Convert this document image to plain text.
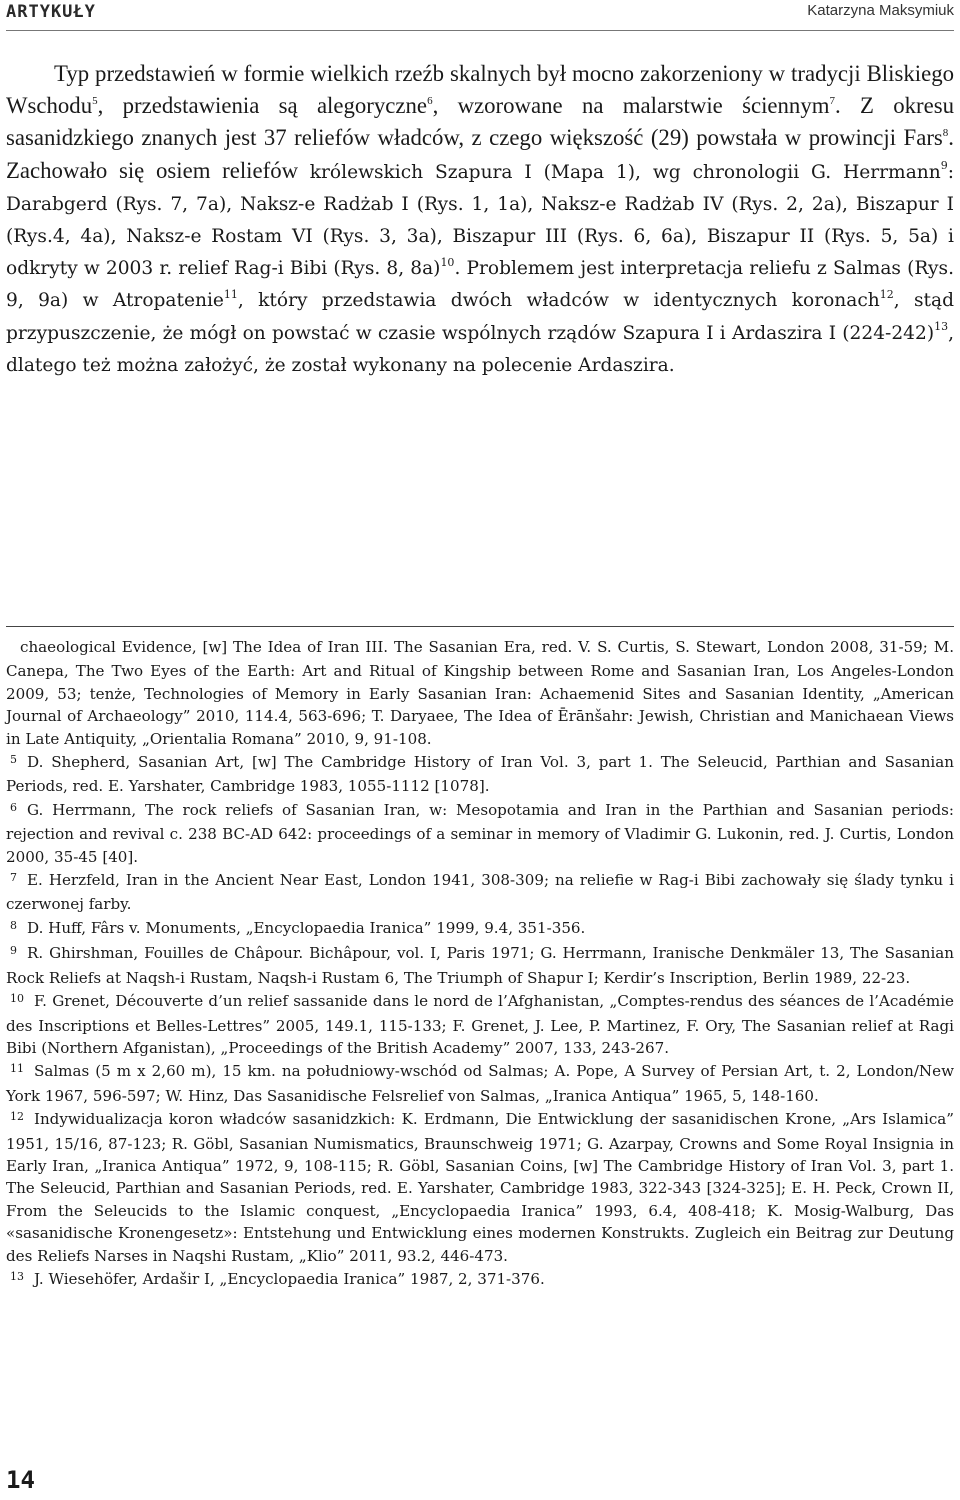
ARTYKUŁY	Katarzyna Maksymiuk

Typ przedstawień w formie wielkich rzeźb skalnych był mocno zakorzeniony w tradycji Bliskiego Wschodu$^5$, przedstawienia są alegoryczne$^6$, wzorowane na malarstwie ściennym$^7$. Z okresu sasanidzkiego znanych jest 37 reliefów władców, z czego większość (29) powstała w prowincji Fars$^8$. Zachowało się osiem reliefów królewskich Szapura I (Mapa 1), wg chronologii G. Herrmann$^9$: Darabgerd (Rys. 7, 7a), Naksz-e Radżab I (Rys. 1, 1a), Naksz-e Radżab IV (Rys. 2, 2a), Biszapur I (Rys.4, 4a), Naksz-e Rostam VI (Rys. 3, 3a), Biszapur III (Rys. 6, 6a), Biszapur II (Rys. 5, 5a) i odkryty w 2003 r. relief Rag-i Bibi (Rys. 8, 8a)$^{10}$. Problemem jest interpretacja reliefu z Salmas (Rys. 9, 9a) w Atropatenie$^{11}$, który przedstawia dwóch władców w identycznych koronach$^{12}$, stąd przypuszczenie, że mógł on powstać w czasie wspólnych rządów Szapura I i Ardaszira I $(224-242)^{13}$, dlatego też można założyć, że został wykonany na polecenie Ardaszira.

chaeological Evidence, [w] The Idea of Iran III. The Sasanian Era, red. V. S. Curtis, S. Stewart, London 2008, 31-59; M. Canepa, The Two Eyes of the Earth: Art and Ritual of Kingship between Rome and Sasanian Iran, Los Angeles-London 2009, 53; tenże, Technologies of Memory in Early Sasanian Iran: Achaemenid Sites and Sasanian Identity, „American Journal of Archaeology” 2010, 114.4, 563-696; T. Daryaee, The Idea of Ērānšahr: Jewish, Christian and Manichaean Views in Late Antiquity, „Orientalia Romana” 2010, 9, 91-108.

$^5$ D. Shepherd, Sasanian Art, [w] The Cambridge History of Iran Vol. 3, part 1. The Seleucid, Parthian and Sasanian Periods, red. E. Yarshater, Cambridge 1983, 1055-1112 [1078].

$^6$ G. Herrmann, The rock reliefs of Sasanian Iran, w: Mesopotamia and Iran in the Parthian and Sasanian periods: rejection and revival c. 238 BC-AD 642: proceedings of a seminar in memory of Vladimir G. Lukonin, red. J. Curtis, London 2000, 35-45 [40].

$^7$ E. Herzfeld, Iran in the Ancient Near East, London 1941, 308-309; na reliefie w Rag-i Bibi zachowały się ślady tynku i czerwonej farby.

$^8$ D. Huff, Fârs v. Monuments, „Encyclopaedia Iranica” 1999, 9.4, 351-356.

$^9$ R. Ghirshman, Fouilles de Châpour. Bichâpour, vol. I, Paris 1971; G. Herrmann, Iranische Denkmäler 13, The Sasanian Rock Reliefs at Naqsh-i Rustam, Naqsh-i Rustam 6, The Triumph of Shapur I; Kerdir’s Inscription, Berlin 1989, 22-23.

$^{10}$ F. Grenet, Découverte d’un relief sassanide dans le nord de l’Afghanistan, „Comptes-rendus des séances de l’Académie des Inscriptions et Belles-Lettres” 2005, 149.1, 115-133; F. Grenet, J. Lee, P. Martinez, F. Ory, The Sasanian relief at Ragi Bibi (Northern Afganistan), „Proceedings of the British Academy” 2007, 133, 243-267.

$^{11}$ Salmas (5 m x 2,60 m), 15 km. na południowy-wschód od Salmas; A. Pope, A Survey of Persian Art, t. 2, London/New York 1967, 596-597; W. Hinz, Das Sasanidische Felsrelief von Salmas, „Iranica Antiqua” 1965, 5, 148-160.

$^{12}$ Indywidualizacja koron władców sasanidzkich: K. Erdmann, Die Entwicklung der sasanidischen Krone, „Ars Islamica” 1951, 15/16, 87-123; R. Göbl, Sasanian Numismatics, Braunschweig 1971; G. Azarpay, Crowns and Some Royal Insignia in Early Iran, „Iranica Antiqua” 1972, 9, 108-115; R. Göbl, Sasanian Coins, [w] The Cambridge History of Iran Vol. 3, part 1. The Seleucid, Parthian and Sasanian Periods, red. E. Yarshater, Cambridge 1983, 322-343 [324-325]; E. H. Peck, Crown II, From the Seleucids to the Islamic conquest, „Encyclopaedia Iranica” 1993, 6.4, 408-418; K. Mosig-Walburg, Das «sasanidische Kronengesetz»: Entstehung und Entwicklung eines modernen Konstrukts. Zugleich ein Beitrag zur Deutung des Reliefs Narses in Naqshi Rustam, „Klio” 2011, 93.2, 446-473.

$^{13}$ J. Wiesehöfer, Ardašir I, „Encyclopaedia Iranica” 1987, 2, 371-376.

14
